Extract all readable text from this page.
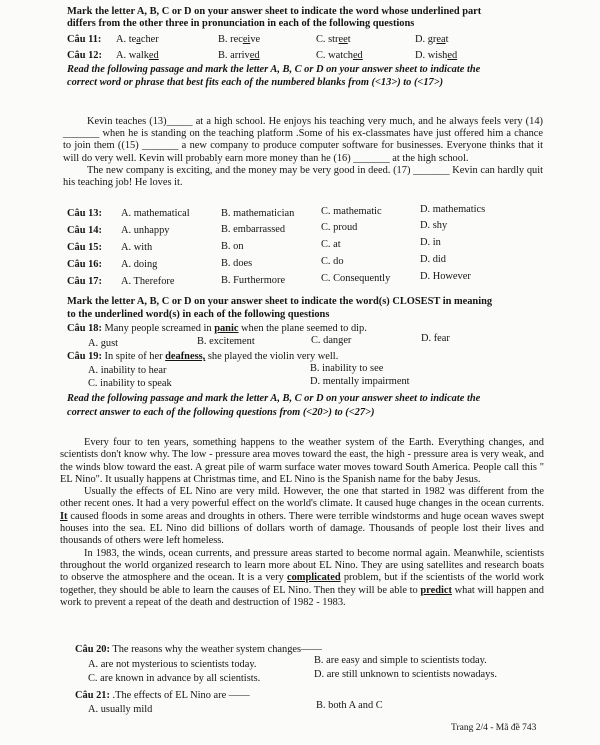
Mark the letter A, B, C or D on your answer sheet to indicate the word whose underlined part
differs from the other three in pronunciation in each of the following questions
Câu 11: A. teacher	B. receive	C. street	D. great
Câu 12: A. walked	B. arrived	C. watched	D. wished
Read the following passage and mark the letter A, B, C or D on your answer sheet to indicate the
correct word or phrase that best fits each of the numbered blanks from (<13>) to (<17>)

Kevin teaches (13)_____ at a high school. He enjoys his teaching very much, and he always feels very (14) _______ when he is standing on the teaching platform .Some of his ex-classmates have just offered him a chance to join them ((15) _______ a new company to produce computer software for businesses. Everyone thinks that it will do very well. Kevin will probably earn more money than he (16) _______ at the high school.

The new company is exciting, and the money may be very good in deed. (17) _______ Kevin can hardly quit his teaching job! He loves it.

Câu 13: A. mathematical	B. mathematician	C. mathematic	D. mathematics
Câu 14: A. unhappy	B. embarrassed	C. proud	D. shy
Câu 15: A. with	B. on	C. at	D. in
Câu 16: A. doing	B. does	C. do	D. did
Câu 17: A. Therefore	B. Furthermore	C. Consequently	D. However
Mark the letter A, B, C or D on your answer sheet to indicate the word(s) CLOSEST in meaning
to the underlined word(s) in each of the following questions
Câu 18: Many people screamed in panic when the plane seemed to dip.
A. gust	B. excitement	C. danger	D. fear
Câu 19: In spite of her deafness, she played the violin very well.
A. inability to hear	B. inability to see
C. inability to speak	D. mentally impairment
Read the following passage and mark the letter A, B, C or D on your answer sheet to indicate the
correct answer to each of the following questions from (<20>) to (<27>)

Every four to ten years, something happens to the weather system of the Earth. Everything changes, and scientists don't know why. The low - pressure area moves toward the east, the high - pressure area is very weak, and the winds blow toward the east. A great pile of warm surface water moves toward South America. People call this " EL Nino". It usually happens at Christmas time, and EL Nino is the Spanish name for the baby Jesus.

Usually the effects of EL Nino are very mild. However, the one that started in 1982 was different from the other recent ones. It had a very powerful effect on the world's climate. It caused huge changes in the ocean currents. It caused floods in some areas and droughts in others. There were terrible windstorms and huge ocean waves swept houses into the sea. EL Nino did billions of dollars worth of damage. Thousands of people lost their lives and thousands of others were left homeless.

In 1983, the winds, ocean currents, and pressure areas started to become normal again. Meanwhile, scientists throughout the world organized research to learn more about EL Nino. They are using satellites and research boats to observe the atmosphere and the ocean. It is a very complicated problem, but if the scientists of the world work together, they should be able to learn the causes of EL Nino. Then they will be able to predict what will happen and work to prevent a repeat of the death and destruction of 1982 - 1983.

Câu 20: The reasons why the weather system changes——
A. are not mysterious to scientists today.	B. are easy and simple to scientists today.
C. are known in advance by all scientists.	D. are still unknown to scientists nowadays.
Câu 21: .The effects of EL Nino are ——
A. usually mild	B. both A and C
Trang 2/4 - Mã đề 743
